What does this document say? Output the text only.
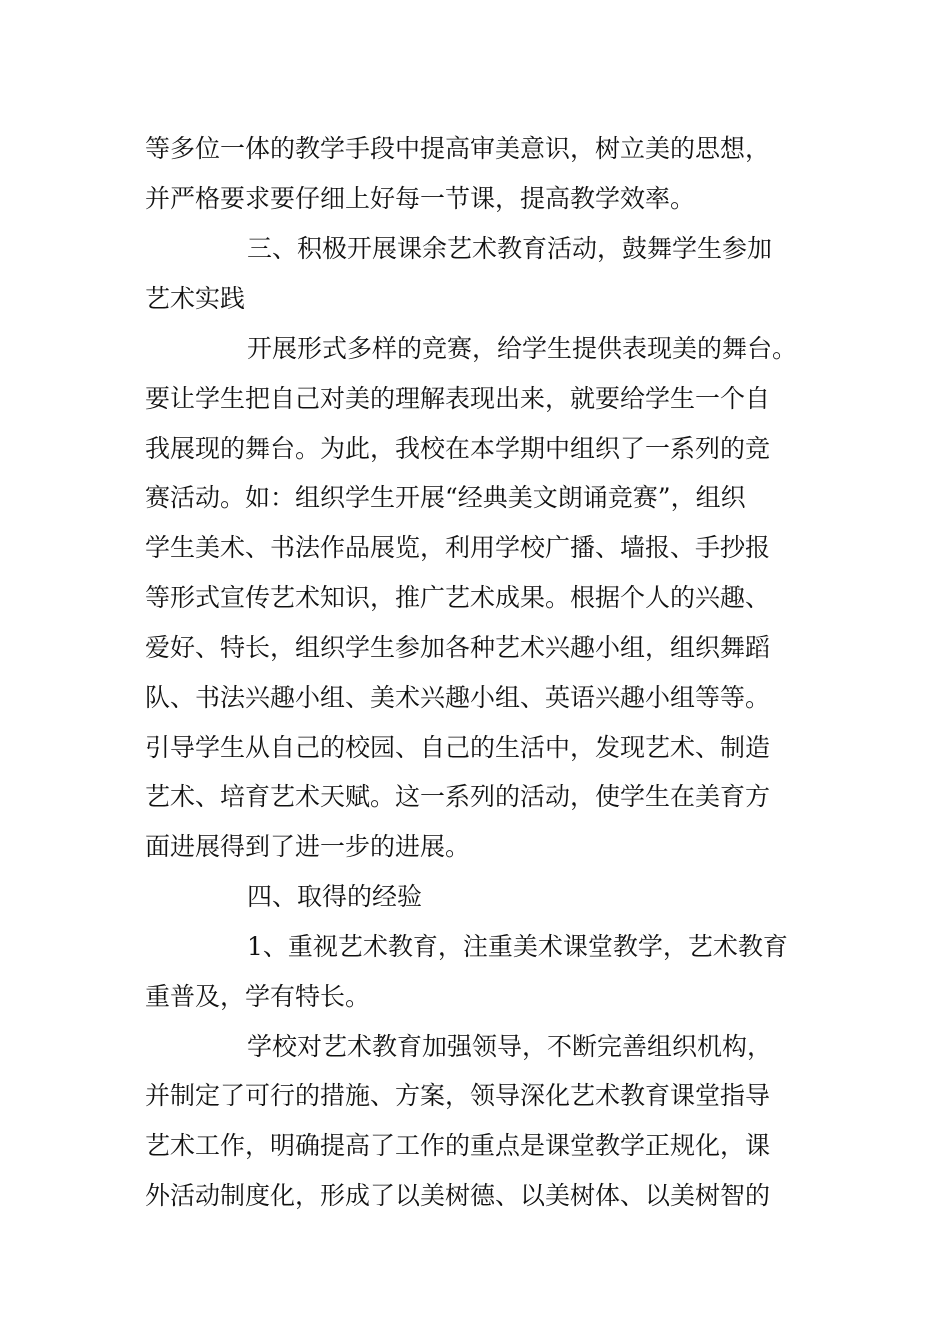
等多位一体的教学手段中提高审美意识，树立美的思想，
并严格要求要仔细上好每一节课，提高教学效率。
三、积极开展课余艺术教育活动，鼓舞学生参加
艺术实践
开展形式多样的竞赛，给学生提供表现美的舞台。
要让学生把自己对美的理解表现出来，就要给学生一个自
我展现的舞台。为此，我校在本学期中组织了一系列的竞
赛活动。如：组织学生开展“经典美文朗诵竞赛”，组织
学生美术、书法作品展览，利用学校广播、墙报、手抄报
等形式宣传艺术知识，推广艺术成果。根据个人的兴趣、
爱好、特长，组织学生参加各种艺术兴趣小组，组织舞蹈
队、书法兴趣小组、美术兴趣小组、英语兴趣小组等等。
引导学生从自己的校园、自己的生活中，发现艺术、制造
艺术、培育艺术天赋。这一系列的活动，使学生在美育方
面进展得到了进一步的进展。
四、取得的经验
1、重视艺术教育，注重美术课堂教学，艺术教育
重普及，学有特长。
学校对艺术教育加强领导，不断完善组织机构，
并制定了可行的措施、方案，领导深化艺术教育课堂指导
艺术工作，明确提高了工作的重点是课堂教学正规化，课
外活动制度化，形成了以美树德、以美树体、以美树智的
